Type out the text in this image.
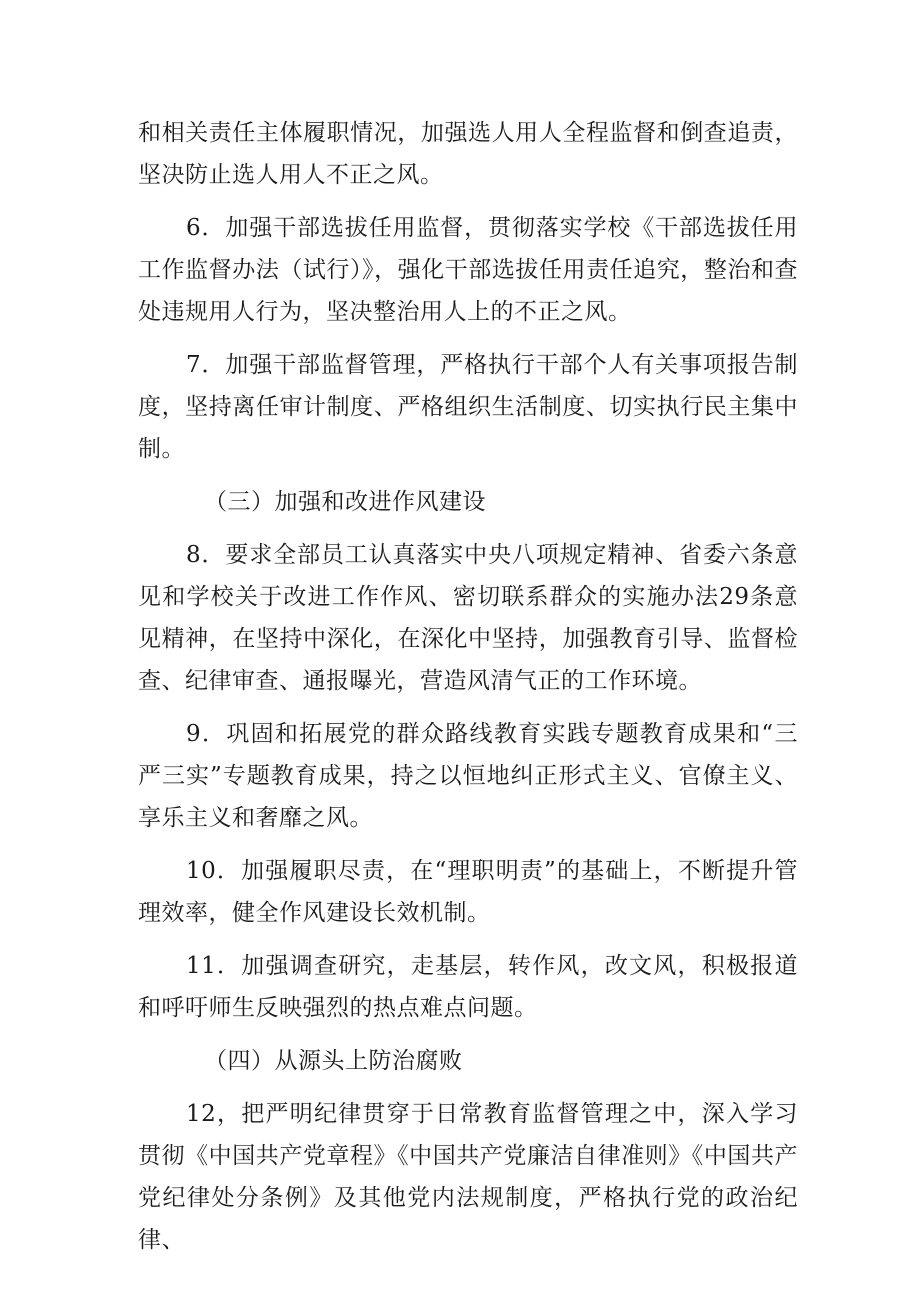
和相关责任主体履职情况，加强选人用人全程监督和倒查追责，坚决防止选人用人不正之风。

6．加强干部选拔任用监督，贯彻落实学校《干部选拔任用工作监督办法（试行）》，强化干部选拔任用责任追究，整治和查处违规用人行为，坚决整治用人上的不正之风。

7．加强干部监督管理，严格执行干部个人有关事项报告制度，坚持离任审计制度、严格组织生活制度、切实执行民主集中制。

（三）加强和改进作风建设

8．要求全部员工认真落实中央八项规定精神、省委六条意见和学校关于改进工作作风、密切联系群众的实施办法29条意见精神，在坚持中深化，在深化中坚持，加强教育引导、监督检查、纪律审查、通报曝光，营造风清气正的工作环境。

9．巩固和拓展党的群众路线教育实践专题教育成果和“三严三实”专题教育成果，持之以恒地纠正形式主义、官僚主义、享乐主义和奢靡之风。

10．加强履职尽责，在“理职明责”的基础上，不断提升管理效率，健全作风建设长效机制。

11．加强调查研究，走基层，转作风，改文风，积极报道和呼吁师生反映强烈的热点难点问题。

（四）从源头上防治腐败

12，把严明纪律贯穿于日常教育监督管理之中，深入学习贯彻《中国共产党章程》《中国共产党廉洁自律准则》《中国共产党纪律处分条例》及其他党内法规制度，严格执行党的政治纪律、
